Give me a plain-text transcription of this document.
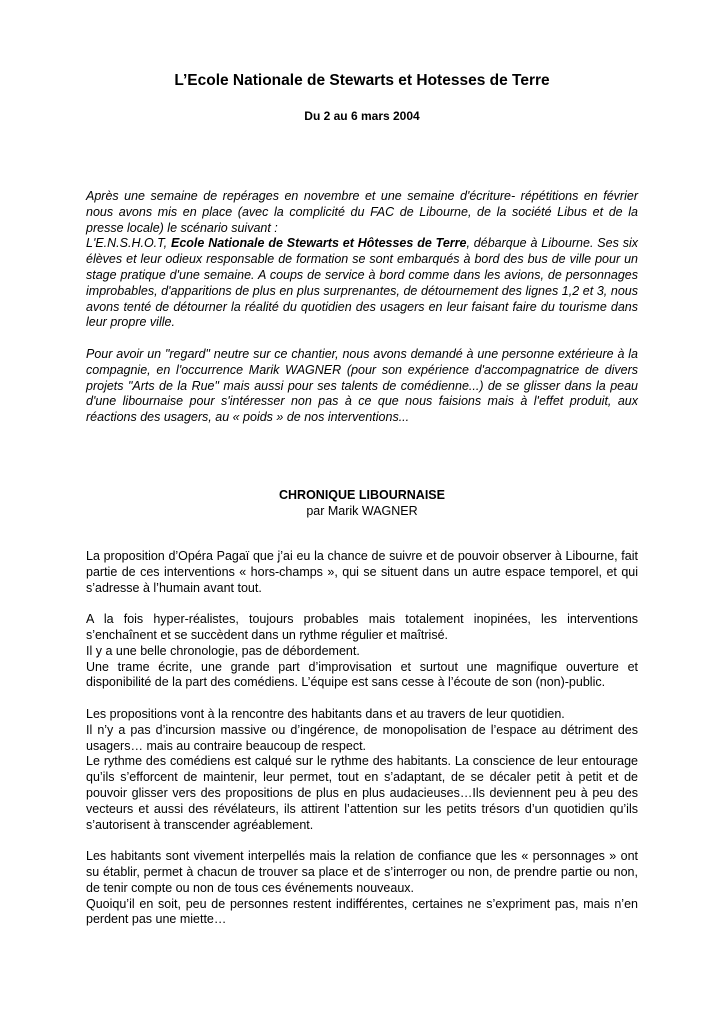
L’Ecole Nationale de Stewarts et Hotesses de Terre
Du 2 au 6 mars 2004

Après une semaine de repérages en novembre et une semaine d'écriture- répétitions en février nous avons mis en place (avec la complicité du FAC de Libourne, de la société Libus et de la presse locale) le scénario suivant :

L'E.N.S.H.O.T, Ecole Nationale de Stewarts et Hôtesses de Terre, débarque à Libourne. Ses six élèves et leur odieux responsable de formation se sont embarqués à bord des bus de ville pour un stage pratique d'une semaine. A coups de service à bord comme dans les avions, de personnages improbables, d'apparitions de plus en plus surprenantes, de détournement des lignes 1,2 et 3, nous avons tenté de détourner la réalité du quotidien des usagers en leur faisant faire du tourisme dans leur propre ville.

Pour avoir un "regard" neutre sur ce chantier, nous avons demandé à une personne extérieure à la compagnie, en l'occurrence Marik WAGNER (pour son expérience d'accompagnatrice de divers projets "Arts de la Rue" mais aussi pour ses talents de comédienne...) de se glisser dans la peau d'une libournaise pour s'intéresser non pas à ce que nous faisions mais à l'effet produit, aux réactions des usagers, au « poids » de nos interventions...

CHRONIQUE LIBOURNAISE
par Marik WAGNER

La proposition d’Opéra Pagaï que j’ai eu la chance de suivre et de pouvoir observer à Libourne, fait partie de ces interventions « hors-champs », qui se situent dans un autre espace temporel, et qui s’adresse à l’humain avant tout.

A la fois hyper-réalistes, toujours probables mais totalement inopinées, les interventions s’enchaînent et se succèdent dans un rythme régulier et maîtrisé.

Il y a une belle chronologie, pas de débordement.

Une trame écrite, une grande part d’improvisation et surtout une magnifique ouverture et disponibilité de la part des comédiens. L’équipe est sans cesse à l’écoute de son (non)-public.

Les propositions vont à la rencontre des habitants dans et au travers de leur quotidien.

Il n’y a pas d’incursion massive ou d’ingérence, de monopolisation de l’espace au détriment des usagers… mais au contraire beaucoup de respect.

Le rythme des comédiens est calqué sur le rythme des habitants. La conscience de leur entourage qu’ils s’efforcent de maintenir, leur permet, tout en s’adaptant, de se décaler petit à petit et de pouvoir glisser vers des propositions de plus en plus audacieuses…Ils deviennent peu à peu des vecteurs et aussi des révélateurs, ils attirent l’attention sur les petits trésors d’un quotidien qu’ils s’autorisent à transcender agréablement.

Les habitants sont vivement interpellés mais la relation de confiance que les « personnages » ont su établir, permet à chacun de trouver sa place et de s’interroger ou non, de prendre partie ou non, de tenir compte ou non de tous ces événements nouveaux.

Quoiqu’il en soit, peu de personnes restent indifférentes, certaines ne s’expriment pas, mais n’en perdent pas une miette…
